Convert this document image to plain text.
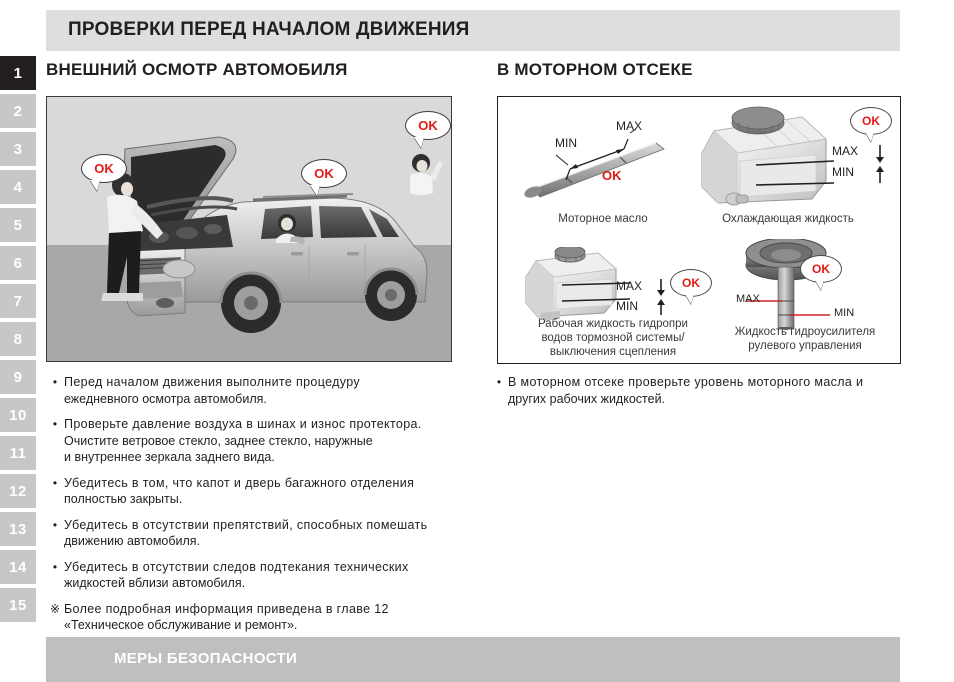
1
2
3
4
5
6
7
8
9
10
11
12
13
14
15
ПРОВЕРКИ ПЕРЕД НАЧАЛОМ ДВИЖЕНИЯ
ВНЕШНИЙ ОСМОТР АВТОМОБИЛЯ	В МОТОРНОМ ОТСЕКЕ
OK	OK
OK
MIN
MAX
OK
Моторное масло
MAX
MIN
OK
Охлаждающая жидкость
MAX
MIN
OK
Рабочая жидкость гидропри
водов тормозной системы/
выключения сцепления
MAX
MIN
OK
Жидкость гидроусилителя
рулевого управления
• Перед началом движения выполните процедуру
ежедневного осмотра автомобиля.
• Проверьте давление воздуха в шинах и износ протектора.
Очистите ветровое стекло, заднее стекло, наружные
и внутреннее зеркала заднего вида.
• Убедитесь в том, что капот и дверь багажного отделения
полностью закрыты.
• Убедитесь в отсутствии препятствий, способных помешать
движению автомобиля.
• Убедитесь в отсутствии следов подтекания технических
жидкостей вблизи автомобиля.
※ Более подробная информация приведена в главе 12
«Техническое обслуживание и ремонт».
• В моторном отсеке проверьте уровень моторного масла и
других рабочих жидкостей.
МЕРЫ БЕЗОПАСНОСТИ
